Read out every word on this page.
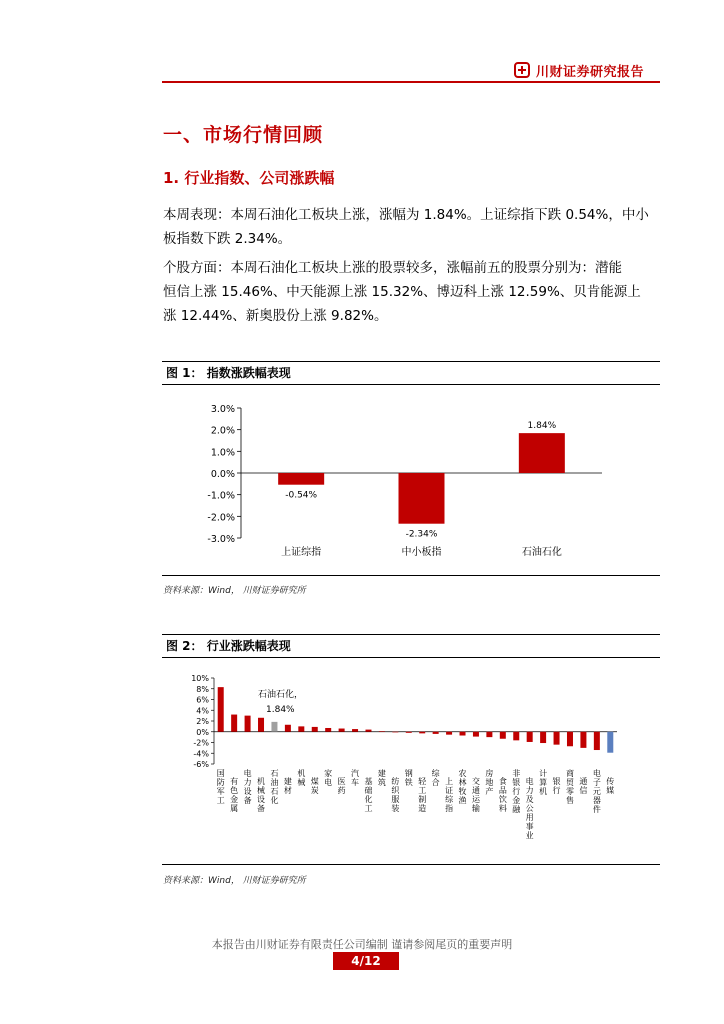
川财证券研究报告
一、市场行情回顾
1. 行业指数、公司涨跌幅
本周表现：本周石油化工板块上涨，涨幅为 1.84%。上证综指下跌 0.54%，中小
板指数下跌 2.34%。
个股方面：本周石油化工板块上涨的股票较多，涨幅前五的股票分别为：潜能
恒信上涨 15.46%、中天能源上涨 15.32%、博迈科上涨 12.59%、贝肯能源上
涨 12.44%、新奥股份上涨 9.82%。
图 1： 指数涨跌幅表现
3.0%
2.0%
1.0%
0.0%
-1.0%
-2.0%
-3.0%
-0.54%
上证综指
-2.34%
中小板指
1.84%
石油石化
资料来源：Wind， 川财证券研究所
图 2： 行业涨跌幅表现
10%
8%
6%
4%
2%
0%
-2%
-4%
-6%
国防军工
有色金属
电力设备
机械设备
石油石化
建材
机械 煤炭
家电 医药
汽车 基础化工
建筑 纺织服装
钢铁 轻工制造
综合 上证综指
农林牧渔
交通运输
房地产
食品饮料
非银行金融
电力及公用事业
计算机
银行
商贸零售
通信
电子元器件
传媒
石油石化，
1.84%
资料来源：Wind， 川财证券研究所
本报告由川财证券有限责任公司编制 谨请参阅尾页的重要声明
4/12
